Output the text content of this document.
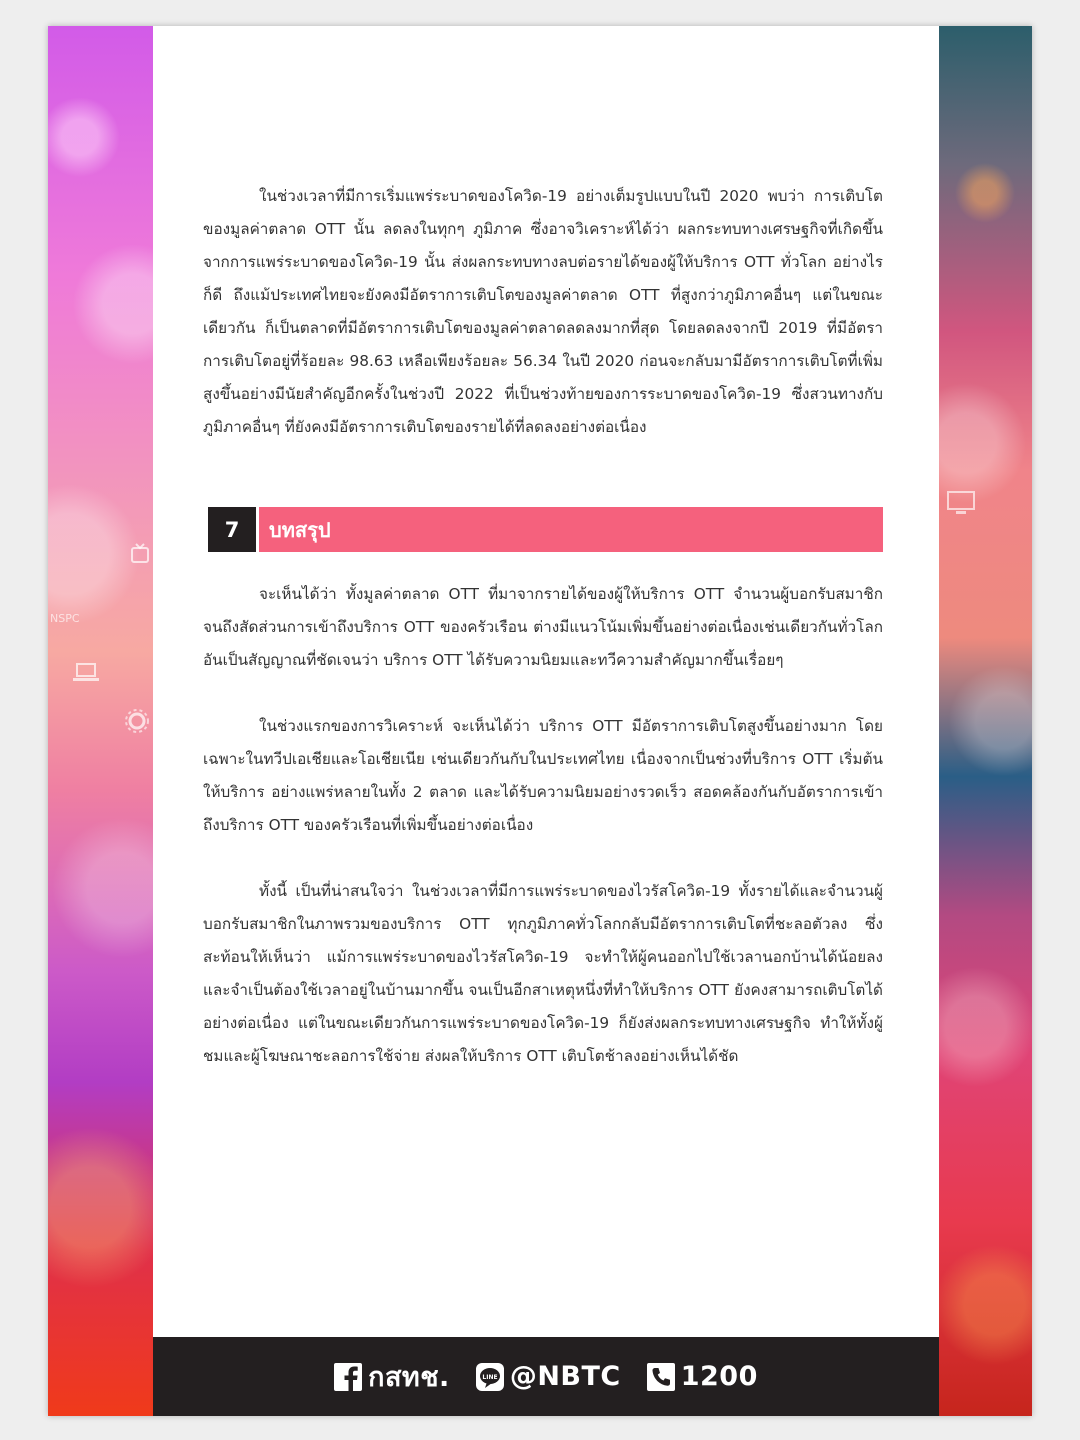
NSPC

ในช่วงเวลาที่มีการเริ่มแพร่ระบาดของโควิด-19 อย่างเต็มรูปแบบในปี 2020 พบว่า การเติบโตของมูลค่าตลาด OTT นั้น ลดลงในทุกๆ ภูมิภาค ซึ่งอาจวิเคราะห์ได้ว่า ผลกระทบทางเศรษฐกิจที่เกิดขึ้นจากการแพร่ระบาดของโควิด-19 นั้น ส่งผลกระทบทางลบต่อรายได้ของผู้ให้บริการ OTT ทั่วโลก อย่างไรก็ดี ถึงแม้ประเทศไทยจะยังคงมีอัตราการเติบโตของมูลค่าตลาด OTT ที่สูงกว่าภูมิภาคอื่นๆ แต่ในขณะเดียวกัน ก็เป็นตลาดที่มีอัตราการเติบโตของมูลค่าตลาดลดลงมากที่สุด โดยลดลงจากปี 2019 ที่มีอัตราการเติบโตอยู่ที่ร้อยละ 98.63 เหลือเพียงร้อยละ 56.34 ในปี 2020 ก่อนจะกลับมามีอัตราการเติบโตที่เพิ่มสูงขึ้นอย่างมีนัยสำคัญอีกครั้งในช่วงปี 2022 ที่เป็นช่วงท้ายของการระบาดของโควิด-19 ซึ่งสวนทางกับภูมิภาคอื่นๆ ที่ยังคงมีอัตราการเติบโตของรายได้ที่ลดลงอย่างต่อเนื่อง

7	บทสรุป

จะเห็นได้ว่า ทั้งมูลค่าตลาด OTT ที่มาจากรายได้ของผู้ให้บริการ OTT จำนวนผู้บอกรับสมาชิก จนถึงสัดส่วนการเข้าถึงบริการ OTT ของครัวเรือน ต่างมีแนวโน้มเพิ่มขึ้นอย่างต่อเนื่องเช่นเดียวกันทั่วโลก อันเป็นสัญญาณที่ชัดเจนว่า บริการ OTT ได้รับความนิยมและทวีความสำคัญมากขึ้นเรื่อยๆ

ในช่วงแรกของการวิเคราะห์ จะเห็นได้ว่า บริการ OTT มีอัตราการเติบโตสูงขึ้นอย่างมาก โดยเฉพาะในทวีปเอเชียและโอเชียเนีย เช่นเดียวกันกับในประเทศไทย เนื่องจากเป็นช่วงที่บริการ OTT เริ่มต้นให้บริการ อย่างแพร่หลายในทั้ง 2 ตลาด และได้รับความนิยมอย่างรวดเร็ว สอดคล้องกันกับอัตราการเข้าถึงบริการ OTT ของครัวเรือนที่เพิ่มขึ้นอย่างต่อเนื่อง

ทั้งนี้ เป็นที่น่าสนใจว่า ในช่วงเวลาที่มีการแพร่ระบาดของไวรัสโควิด-19 ทั้งรายได้และจำนวนผู้บอกรับสมาชิกในภาพรวมของบริการ OTT ทุกภูมิภาคทั่วโลกกลับมีอัตราการเติบโตที่ชะลอตัวลง ซึ่งสะท้อนให้เห็นว่า แม้การแพร่ระบาดของไวรัสโควิด-19 จะทำให้ผู้คนออกไปใช้เวลานอกบ้านได้น้อยลง และจำเป็นต้องใช้เวลาอยู่ในบ้านมากขึ้น จนเป็นอีกสาเหตุหนึ่งที่ทำให้บริการ OTT ยังคงสามารถเติบโตได้อย่างต่อเนื่อง แต่ในขณะเดียวกันการแพร่ระบาดของโควิด-19 ก็ยังส่งผลกระทบทางเศรษฐกิจ ทำให้ทั้งผู้ชมและผู้โฆษณาชะลอการใช้จ่าย ส่งผลให้บริการ OTT เติบโตช้าลงอย่างเห็นได้ชัด

กสทช.	LINE @NBTC 1200
